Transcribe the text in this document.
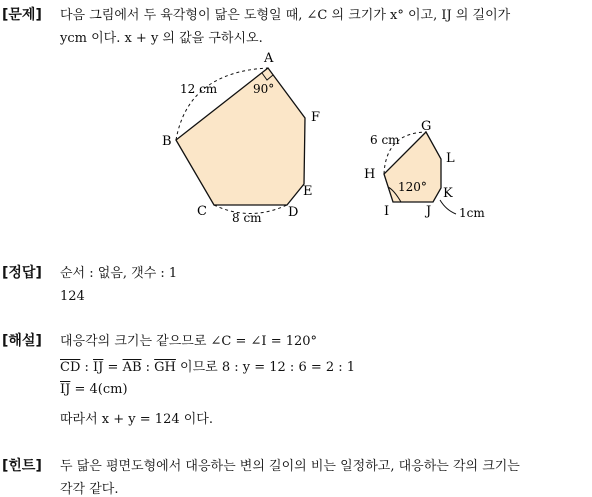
[문제] 다음 그림에서 두 육각형이 닮은 도형일 때, ∠C 의 크기가 x° 이고, IJ 의 길이가
ycm 이다. x + y 의 값을 구하시오.
A
B
C	D
E
F
12 cm	90°
8 cm
G
H
I	J
K
L
6 cm
120°
1cm
[정답] 순서 : 없음, 갯수 : 1
124
[해설] 대응각의 크기는 같으므로 ∠C = ∠I = 120°
$\overline{CD}$ : $\overline{IJ} = \overline{AB}$ : $\overline{GH}$ 이므로 8 : y = 12 : 6 = 2 : 1
$\overline{IJ} = 4(cm)$
따라서 x + y = 124 이다.
[힌트] 두 닮은 평면도형에서 대응하는 변의 길이의 비는 일정하고, 대응하는 각의 크기는
각각 같다.
